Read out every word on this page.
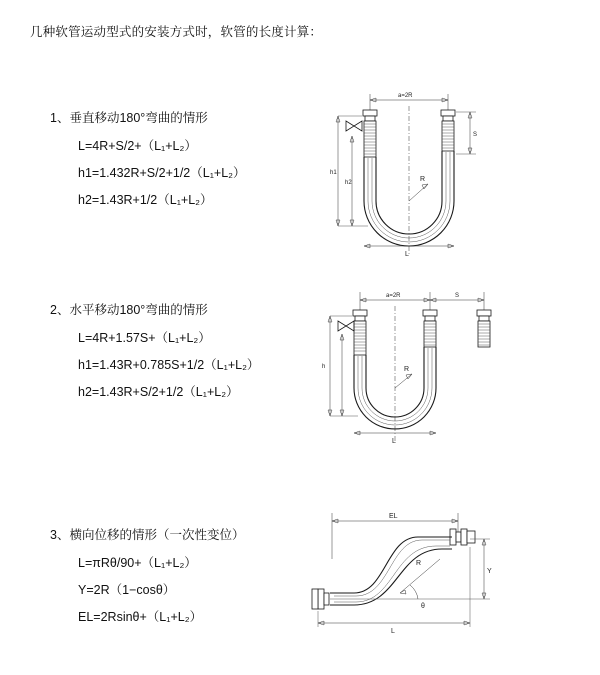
几种软管运动型式的安装方式时，软管的长度计算：
1、垂直移动180°弯曲的情形
L=4R+S/2+（L₁+L₂）
h1=1.432R+S/2+1/2（L₁+L₂）
h2=1.43R+1/2（L₁+L₂）
a=2R
R
L
h1
h2
S
2、水平移动180°弯曲的情形
L=4R+1.57S+（L₁+L₂）
h1=1.43R+0.785S+1/2（L₁+L₂）
h2=1.43R+S/2+1/2（L₁+L₂）
a=2R	S
R
L
h
3、横向位移的情形（一次性变位）
L=πRθ/90+（L₁+L₂）
Y=2R（1−cosθ）
EL=2Rsinθ+（L₁+L₂）
EL
L
Y
R
θ
